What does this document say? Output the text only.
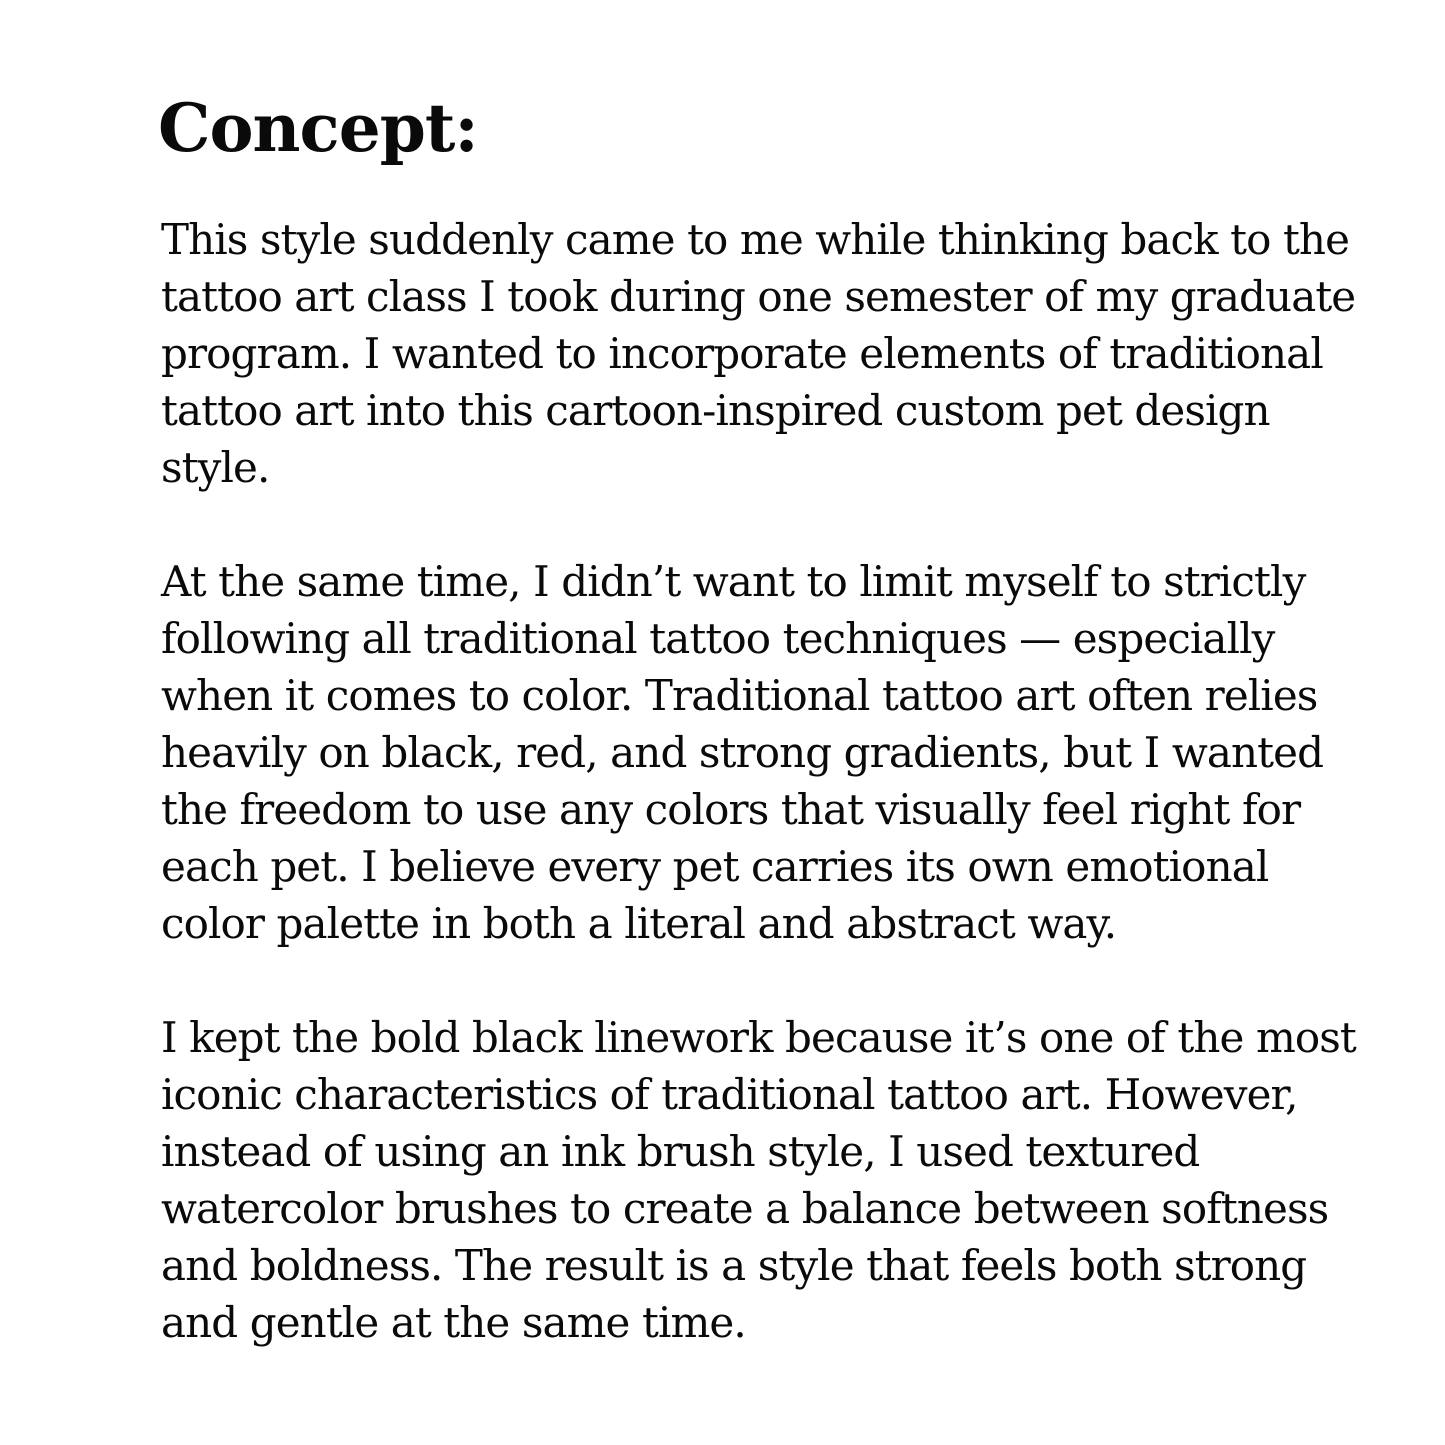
Concept:

This style suddenly came to me while thinking back to the
tattoo art class I took during one semester of my graduate
program. I wanted to incorporate elements of traditional
tattoo art into this cartoon-inspired custom pet design
style.

At the same time, I didn’t want to limit myself to strictly
following all traditional tattoo techniques — especially
when it comes to color. Traditional tattoo art often relies
heavily on black, red, and strong gradients, but I wanted
the freedom to use any colors that visually feel right for
each pet. I believe every pet carries its own emotional
color palette in both a literal and abstract way.

I kept the bold black linework because it’s one of the most
iconic characteristics of traditional tattoo art. However,
instead of using an ink brush style, I used textured
watercolor brushes to create a balance between softness
and boldness. The result is a style that feels both strong
and gentle at the same time.
